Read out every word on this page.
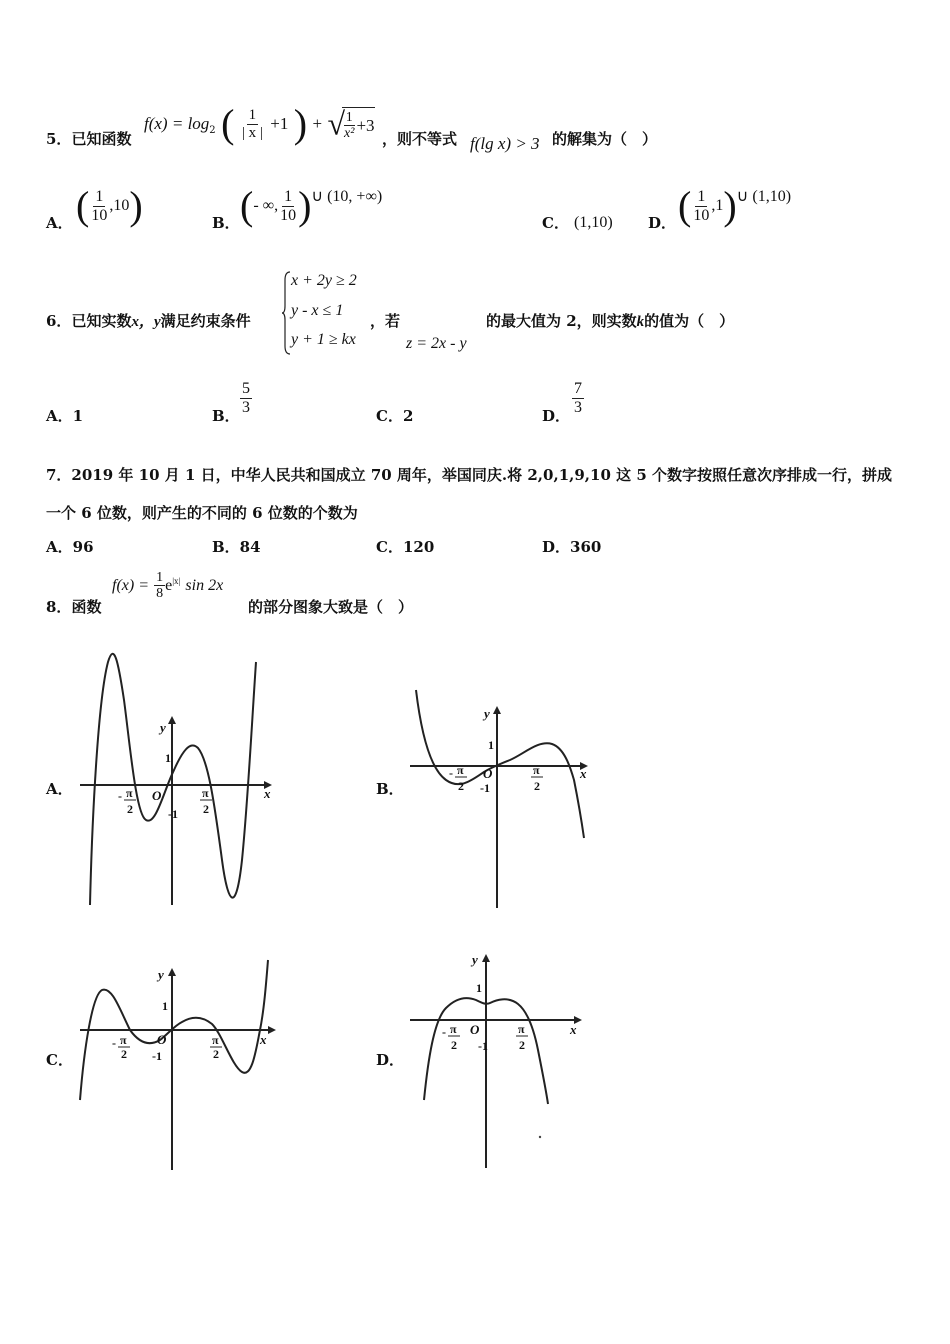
5．已知函数
$f(x) = \log_2$ ( $\frac{1}{| x |} +1$ ) + √
$\frac{1}{\text{x²}} +3$
，则不等式 f(lg x) > 3 的解集为（　）
A． ( $\frac{1}{10} ,10$)	B． (- ∞, $\frac{1}{10}$ )∪ (10, +∞)
C． (1,10) D． ( $\frac{1}{10}$ ,1)∪ (1,10)
6．已知实数x，y满足约束条件
x + 2y ≥ 2
y - x ≤ 1
y + 1 ≥ kx
，若
z = 2x - y
的最大值为 2，则实数k的值为（　）
A．1	B． $\frac{5}{3}$	C．2	D． $\frac{7}{3}$
7．2019 年 10 月 1 日，中华人民共和国成立 70 周年，举国同庆.将 2,0,1,9,10 这 5 个数字按照任意次序排成一行，拼成
一个 6 位数，则产生的不同的 6 位数的个数为
A．96	B．84	C．120	D．360
8．函数
$f(x) = \frac{1}{8} e^{|x|}$ sin 2x
的部分图象大致是（　）
A．	B．
C．	D．
y
x
O
1
-1
- π
2
π
2
y
x
O
1
-1
- π
2
π
2
y
x
O
1
-1
- π
2
π
2
y
x
O
1
-1
- π
2
π
2
